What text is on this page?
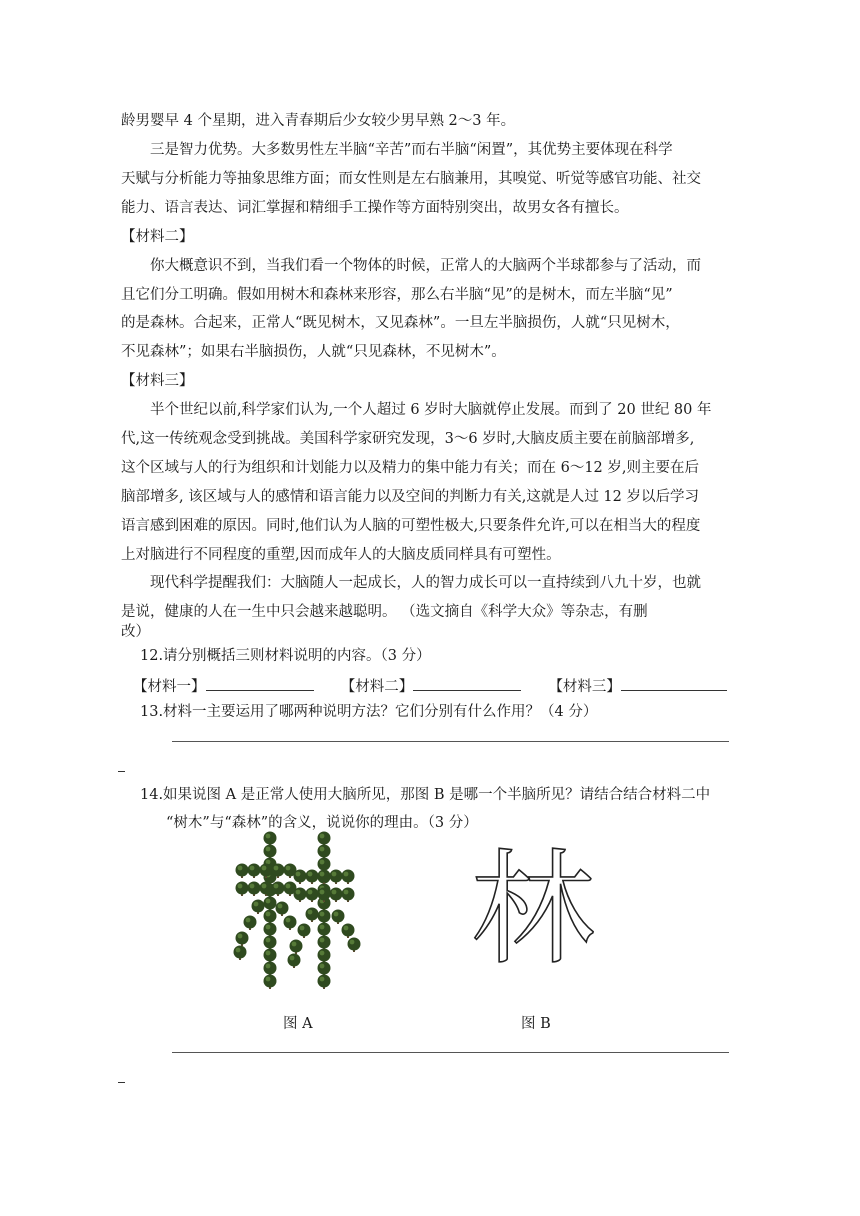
龄男婴早 4 个星期，进入青春期后少女较少男早熟 2～3 年。
三是智力优势。大多数男性左半脑“辛苦”而右半脑“闲置”，其优势主要体现在科学
天赋与分析能力等抽象思维方面；而女性则是左右脑兼用，其嗅觉、听觉等感官功能、社交
能力、语言表达、词汇掌握和精细手工操作等方面特别突出，故男女各有擅长。
【材料二】
你大概意识不到，当我们看一个物体的时候，正常人的大脑两个半球都参与了活动，而
且它们分工明确。假如用树木和森林来形容，那么右半脑“见”的是树木，而左半脑“见”
的是森林。合起来，正常人“既见树木，又见森林”。一旦左半脑损伤，人就“只见树木，
不见森林”；如果右半脑损伤，人就“只见森林，不见树木”。
【材料三】
半个世纪以前,科学家们认为,一个人超过 6 岁时大脑就停止发展。而到了 20 世纪 80 年
代,这一传统观念受到挑战。美国科学家研究发现，3～6 岁时,大脑皮质主要在前脑部增多,
这个区域与人的行为组织和计划能力以及精力的集中能力有关；而在 6～12 岁,则主要在后
脑部增多, 该区域与人的感情和语言能力以及空间的判断力有关,这就是人过 12 岁以后学习
语言感到困难的原因。同时,他们认为人脑的可塑性极大,只要条件允许,可以在相当大的程度
上对脑进行不同程度的重塑,因而成年人的大脑皮质同样具有可塑性。
现代科学提醒我们：大脑随人一起成长，人的智力成长可以一直持续到八九十岁，也就
是说，健康的人在一生中只会越来越聪明。 （选文摘自《科学大众》等杂志，有删
改）
12.请分别概括三则材料说明的内容。（3 分）
【材料一】	【材料二】	【材料三】
13.材料一主要运用了哪两种说明方法？它们分别有什么作用？（4 分）
14.如果说图 A 是正常人使用大脑所见，那图 B 是哪一个半脑所见？请结合结合材料二中
“树木”与“森林”的含义，说说你的理由。（3 分）
林
图 A	图 B
